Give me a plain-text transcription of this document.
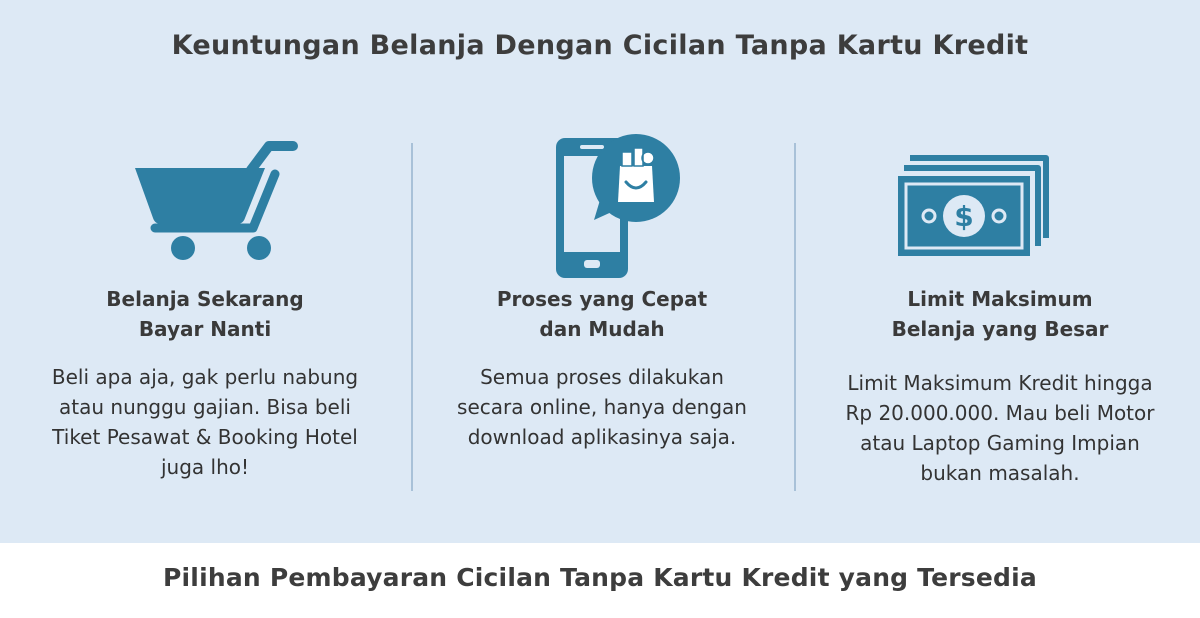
Keuntungan Belanja Dengan Cicilan Tanpa Kartu Kredit
Belanja Sekarang
Bayar Nanti
Beli apa aja, gak perlu nabung
atau nunggu gajian. Bisa beli
Tiket Pesawat & Booking Hotel
juga lho!
Proses yang Cepat
dan Mudah
Semua proses dilakukan
secara online, hanya dengan
download aplikasinya saja.
$
Limit Maksimum
Belanja yang Besar
Limit Maksimum Kredit hingga
Rp 20.000.000. Mau beli Motor
atau Laptop Gaming Impian
bukan masalah.
Pilihan Pembayaran Cicilan Tanpa Kartu Kredit yang Tersedia
